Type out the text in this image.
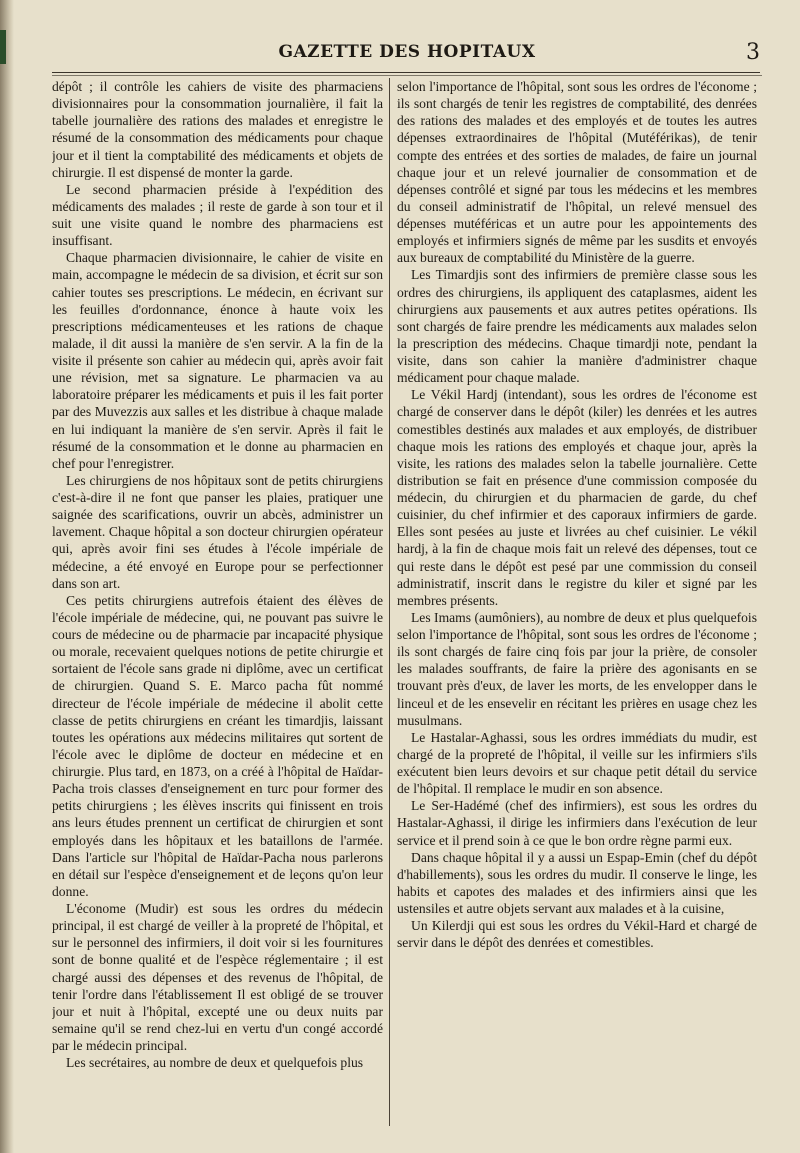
GAZETTE DES HOPITAUX	3

dépôt ; il contrôle les cahiers de visite des pharmaciens divisionnaires pour la consommation journalière, il fait la tabelle journalière des rations des malades et enregistre le résumé de la consommation des médicaments pour chaque jour et il tient la comptabilité des médicaments et objets de chirurgie. Il est dispensé de monter la garde.

Le second pharmacien préside à l'expédition des médicaments des malades ; il reste de garde à son tour et il suit une visite quand le nombre des pharmaciens est insuffisant.

Chaque pharmacien divisionnaire, le cahier de visite en main, accompagne le médecin de sa division, et écrit sur son cahier toutes ses prescriptions. Le médecin, en écrivant sur les feuilles d'ordonnance, énonce à haute voix les prescriptions médicamenteuses et les rations de chaque malade, il dit aussi la manière de s'en servir. A la fin de la visite il présente son cahier au médecin qui, après avoir fait une révision, met sa signature. Le pharmacien va au laboratoire préparer les médicaments et puis il les fait porter par des Muvezzis aux salles et les distribue à chaque malade en lui indiquant la manière de s'en servir. Après il fait le résumé de la consommation et le donne au pharmacien en chef pour l'enregistrer.

Les chirurgiens de nos hôpitaux sont de petits chirurgiens c'est-à-dire il ne font que panser les plaies, pratiquer une saignée des scarifications, ouvrir un abcès, administrer un lavement. Chaque hôpital a son docteur chirurgien opérateur qui, après avoir fini ses études à l'école impériale de médecine, a été envoyé en Europe pour se perfectionner dans son art.

Ces petits chirurgiens autrefois étaient des élèves de l'école impériale de médecine, qui, ne pouvant pas suivre le cours de médecine ou de pharmacie par incapacité physique ou morale, recevaient quelques notions de petite chirurgie et sortaient de l'école sans grade ni diplôme, avec un certificat de chirurgien. Quand S. E. Marco pacha fût nommé directeur de l'école impériale de médecine il abolit cette classe de petits chirurgiens en créant les timardjis, laissant toutes les opérations aux médecins militaires qut sortent de l'école avec le diplôme de docteur en médecine et en chirurgie. Plus tard, en 1873, on a créé à l'hôpital de Haïdar-Pacha trois classes d'enseignement en turc pour former des petits chirurgiens ; les élèves inscrits qui finissent en trois ans leurs études prennent un certificat de chirurgien et sont employés dans les hôpitaux et les bataillons de l'armée. Dans l'article sur l'hôpital de Haïdar-Pacha nous parlerons en détail sur l'espèce d'enseignement et de leçons qu'on leur donne.

L'économe (Mudir) est sous les ordres du médecin principal, il est chargé de veiller à la propreté de l'hôpital, et sur le personnel des infirmiers, il doit voir si les fournitures sont de bonne qualité et de l'espèce réglementaire ; il est chargé aussi des dépenses et des revenus de l'hôpital, de tenir l'ordre dans l'établissement Il est obligé de se trouver jour et nuit à l'hôpital, excepté une ou deux nuits par semaine qu'il se rend chez-lui en vertu d'un congé accordé par le médecin principal.

Les secrétaires, au nombre de deux et quelquefois plus

selon l'importance de l'hôpital, sont sous les ordres de l'économe ; ils sont chargés de tenir les registres de comptabilité, des denrées des rations des malades et des employés et de toutes les autres dépenses extraordinaires de l'hôpital (Mutéférikas), de tenir compte des entrées et des sorties de malades, de faire un journal chaque jour et un relevé journalier de consommation et de dépenses contrôlé et signé par tous les médecins et les membres du conseil administratif de l'hôpital, un relevé mensuel des dépenses mutéféricas et un autre pour les appointements des employés et infirmiers signés de même par les susdits et envoyés aux bureaux de comptabilité du Ministère de la guerre.

Les Timardjis sont des infirmiers de première classe sous les ordres des chirurgiens, ils appliquent des cataplasmes, aident les chirurgiens aux pausements et aux autres petites opérations. Ils sont chargés de faire prendre les médicaments aux malades selon la prescription des médecins. Chaque timardji note, pendant la visite, dans son cahier la manière d'administrer chaque médicament pour chaque malade.

Le Vékil Hardj (intendant), sous les ordres de l'économe est chargé de conserver dans le dépôt (kiler) les denrées et les autres comestibles destinés aux malades et aux employés, de distribuer chaque mois les rations des employés et chaque jour, après la visite, les rations des malades selon la tabelle journalière. Cette distribution se fait en présence d'une commission composée du médecin, du chirurgien et du pharmacien de garde, du chef cuisinier, du chef infirmier et des caporaux infirmiers de garde. Elles sont pesées au juste et livrées au chef cuisinier. Le vékil hardj, à la fin de chaque mois fait un relevé des dépenses, tout ce qui reste dans le dépôt est pesé par une commission du conseil administratif, inscrit dans le registre du kiler et signé par les membres présents.

Les Imams (aumôniers), au nombre de deux et plus quelquefois selon l'importance de l'hôpital, sont sous les ordres de l'économe ; ils sont chargés de faire cinq fois par jour la prière, de consoler les malades souffrants, de faire la prière des agonisants en se trouvant près d'eux, de laver les morts, de les envelopper dans le linceul et de les ensevelir en récitant les prières en usage chez les musulmans.

Le Hastalar-Aghassi, sous les ordres immédiats du mudir, est chargé de la propreté de l'hôpital, il veille sur les infirmiers s'ils exécutent bien leurs devoirs et sur chaque petit détail du service de l'hôpital. Il remplace le mudir en son absence.

Le Ser-Hadémé (chef des infirmiers), est sous les ordres du Hastalar-Aghassi, il dirige les infirmiers dans l'exécution de leur service et il prend soin à ce que le bon ordre règne parmi eux.

Dans chaque hôpital il y a aussi un Espap-Emin (chef du dépôt d'habillements), sous les ordres du mudir. Il conserve le linge, les habits et capotes des malades et des infirmiers ainsi que les ustensiles et autre objets servant aux malades et à la cuisine,

Un Kilerdji qui est sous les ordres du Vékil-Hard et chargé de servir dans le dépôt des denrées et comestibles.
